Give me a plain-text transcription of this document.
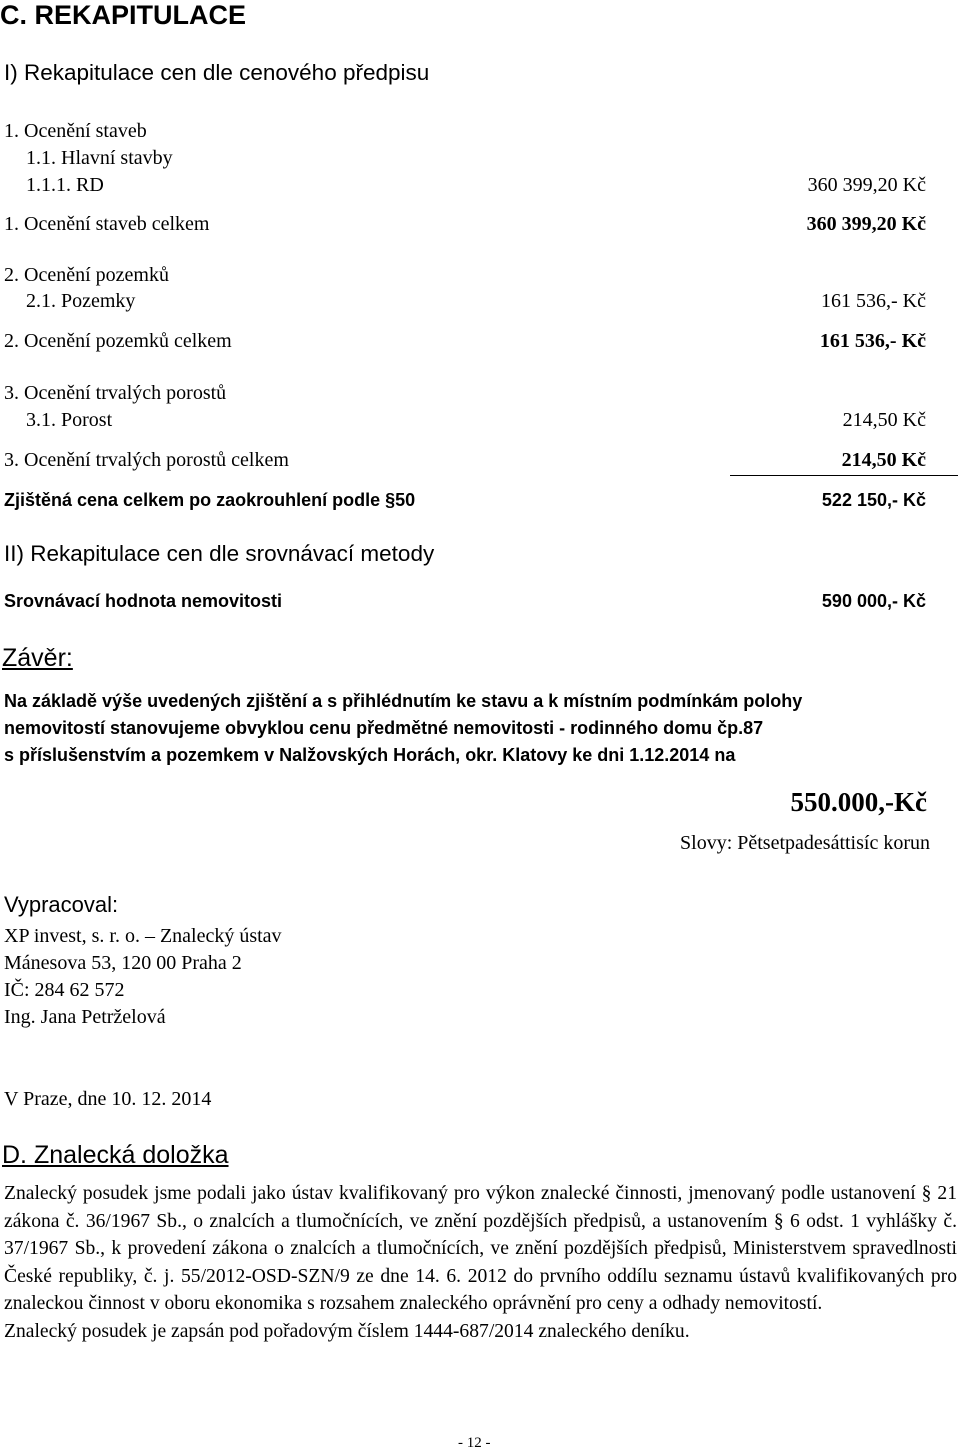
C. REKAPITULACE
I) Rekapitulace cen dle cenového předpisu
1. Ocenění staveb
1.1. Hlavní stavby
1.1.1. RD	360 399,20 Kč
1. Ocenění staveb celkem	360 399,20 Kč
2. Ocenění pozemků
2.1. Pozemky	161 536,- Kč
2. Ocenění pozemků celkem	161 536,- Kč
3. Ocenění trvalých porostů
3.1. Porost	214,50 Kč
3. Ocenění trvalých porostů celkem	214,50 Kč
Zjištěná cena celkem po zaokrouhlení podle §50	522 150,- Kč
II) Rekapitulace cen dle srovnávací metody
Srovnávací hodnota nemovitosti	590 000,- Kč
Závěr:
Na základě výše uvedených zjištění a s přihlédnutím ke stavu a k místním podmínkám polohy
nemovitostí stanovujeme obvyklou cenu předmětné nemovitosti - rodinného domu čp.87
s příslušenstvím a pozemkem v Nalžovských Horách, okr. Klatovy ke dni 1.12.2014 na
550.000,-Kč
Slovy: Pětsetpadesáttisíc korun
Vypracoval:
XP invest, s. r. o. – Znalecký ústav
Mánesova 53, 120 00 Praha 2
IČ: 284 62 572
Ing. Jana Petrželová
V Praze, dne 10. 12. 2014
D. Znalecká doložka

Znalecký posudek jsme podali jako ústav kvalifikovaný pro výkon znalecké činnosti, jmenovaný podle ustanovení § 21 zákona č. 36/1967 Sb., o znalcích a tlumočnících, ve znění pozdějších předpisů, a ustanovením § 6 odst. 1 vyhlášky č. 37/1967 Sb., k provedení zákona o znalcích a tlumočnících, ve znění pozdějších předpisů, Ministerstvem spravedlnosti České republiky, č. j. 55/2012-OSD-SZN/9 ze dne 14. 6. 2012 do prvního oddílu seznamu ústavů kvalifikovaných pro znaleckou činnost v oboru ekonomika s rozsahem znaleckého oprávnění pro ceny a odhady nemovitostí.

Znalecký posudek je zapsán pod pořadovým číslem 1444-687/2014 znaleckého deníku.

- 12 -
